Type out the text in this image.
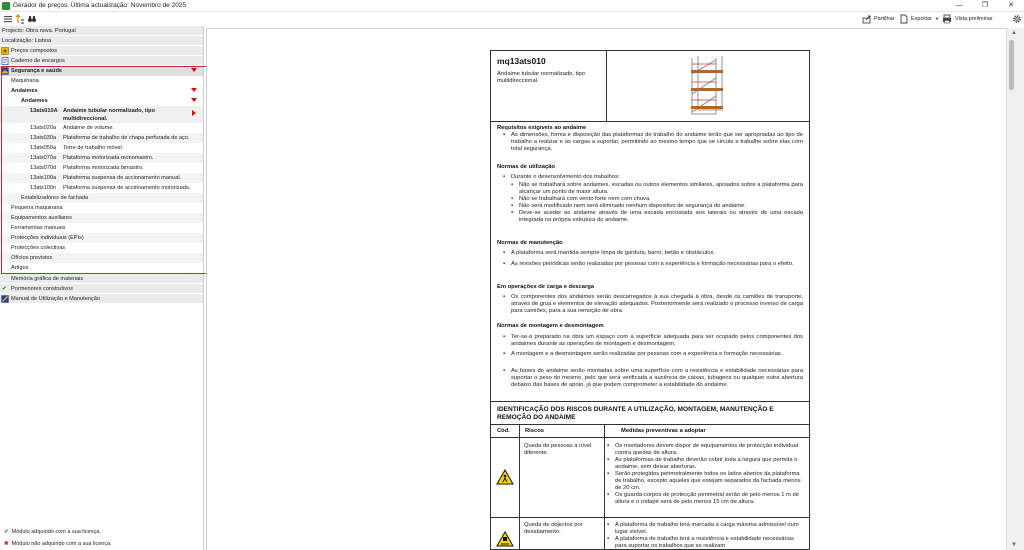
Gerador de preços. Última actualização: Novembro de 2025	—	❐	✕
Partilhar	Exportar ▼	Vista preliminar
Projecto: Obra nova. Portugal
Localização: Lisboa
Preços compostos
Caderno de encargos
Segurança e saúde
Maquinaria
Andaimes
Andaimes
13ats010A Andaime tubular normalizado, tipo multidireccional.
13ats020a Andaime de volume.
13ats030a Plataforma de trabalho de chapa perfurada de aço.
13ats050a Torre de trabalho móvel.
13ats070a Plataforma motorizada monomastro.
13ats070d Plataforma motorizada bimastro.
13ats100a Plataforma suspensa de accionamento manual.
13ats100n Plataforma suspensa de accionamento motorizado.
Estabilizadores de fachada
Pequena maquinaria
Equipamentos auxiliares
Ferramentas manuais
Protecções individuais (EPIs)
Protecções colectivas
Ofícios previstos
Artigos
Memória gráfica de materiais
✔ Pormenores construtivos
Manual de Utilização e Manutenção
✔ Módulo adquirido com a sua licença.
✖ Módulo não adquirido com a sua licença.
▲
▼
mq13ats010
Andaime tubular normalizado, tipo multidireccional.
Requisitos exigíveis ao andaime
▪ As dimensões, forma e disposição das plataformas de trabalho do andaime terão que ser apropriadas ao tipo de trabalho a realizar e às cargas a suportar, permitindo ao mesmo tempo que se circule e trabalhe sobre elas com total segurança.
Normas de utilização
▪ Durante o desenvolvimento dos trabalhos:
▪ Não se trabalhará sobre andaimes, escadas ou outros elementos similares, apoiados sobre a plataforma para alcançar um ponto de maior altura.
▪ Não se trabalhará com vento forte nem com chuva.
▪ Não será modificado nem será eliminado nenhum dispositivo de segurança do andaime.
▪ Deve-se aceder ao andaime através de uma escada encostada aos laterais ou através de uma escada integrada na própria estrutura do andaime.
Normas de manutenção
▪ A plataforma será mantida sempre limpa de gordura, barro, betão e obstáculos.
▪ As revisões periódicas serão realizadas por pessoas com a experiência e formação necessárias para o efeito.
Em operações de carga e descarga
▪ Os componentes dos andaimes serão descarregados à sua chegada à obra, desde os camiões de transporte, através de grua e elementos de elevação adequados. Posteriormente será realizado o processo inverso de carga para camiões, para a sua remoção de obra.
Normas de montagem e desmontagem
▪ Ter-se-á preparado na obra um espaço com a superfície adequada para ser ocupado pelos componentes dos andaimes durante as operações de montagem e desmontagem.
▪ A montagem e a desmontagem serão realizadas por pessoas com a experiência e formação necessárias.
▪ As bases do andaime serão montadas sobre uma superfície com a resistência e estabilidade necessárias para suportar o peso do mesmo, pelo que será verificada a ausência de caixas, tubagens ou qualquer outra abertura debaixo das bases de apoio, já que podem comprometer a estabilidade do andaime.
IDENTIFICAÇÃO DOS RISCOS DURANTE A UTILIZAÇÃO, MONTAGEM, MANUTENÇÃO E REMOÇÃO DO ANDAIME
Cód.	Riscos	Medidas preventivas a adoptar
Queda de pessoas a nível diferente.
▪ Os montadores devem dispor de equipamentos de protecção individual contra quedas de altura.
▪ As plataformas de trabalho deverão cobrir toda a largura que permita o andaime, sem deixar aberturas.
▪ Serão protegidos perimetralmente todos os lados abertos da plataforma de trabalho, excepto aqueles que estejam separados da fachada menos de 20 cm.
▪ Os guarda-corpos de protecção perimetral serão de pelo menos 1 m de altura e o rodapé será de pelo menos 15 cm de altura.
Queda de objectos por desabamento.
▪ A plataforma de trabalho terá marcada a carga máxima admissível num lugar visível.
▪ A plataforma de trabalho terá a resistência e estabilidade necessárias para suportar os trabalhos que se realizam
